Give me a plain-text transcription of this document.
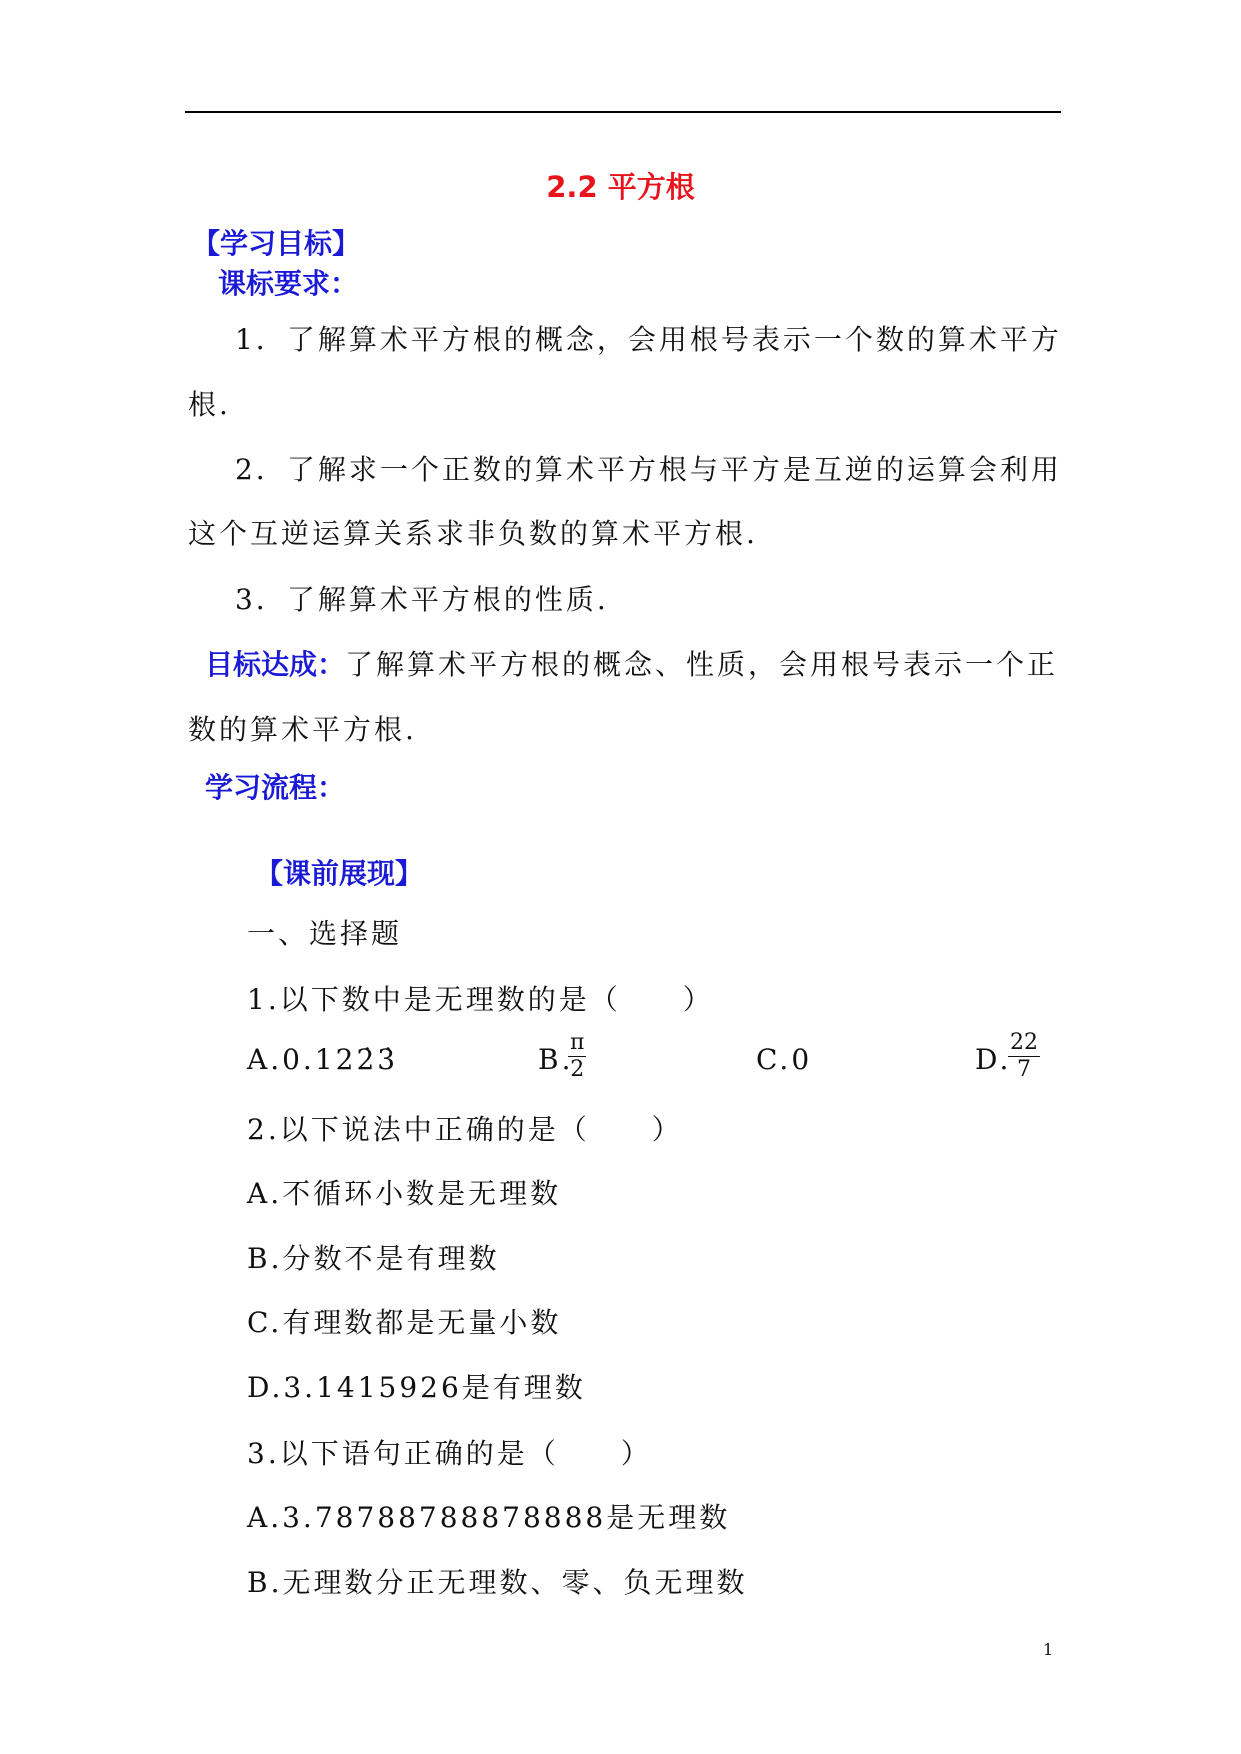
2.2 平方根
【学习目标】
课标要求：
1．了解算术平方根的概念，会用根号表示一个数的算术平方
根.
2．了解求一个正数的算术平方根与平方是互逆的运算会利用
这个互逆运算关系求非负数的算术平方根.
3．了解算术平方根的性质.
目标达成：了解算术平方根的概念、性质，会用根号表示一个正
数的算术平方根.
学习流程：
【课前展现】
一、选择题
1.以下数中是无理数的是（　　）
A.0.122̇3̇	B.
$\frac{\pi}{2}$	C.0	D.
$\frac{22}{7}$
2.以下说法中正确的是（　　）
A.不循环小数是无理数
B.分数不是有理数
C.有理数都是无量小数
D.3.1415926是有理数
3.以下语句正确的是（　　）
A.3.78788788878888是无理数
B.无理数分正无理数、零、负无理数
1
